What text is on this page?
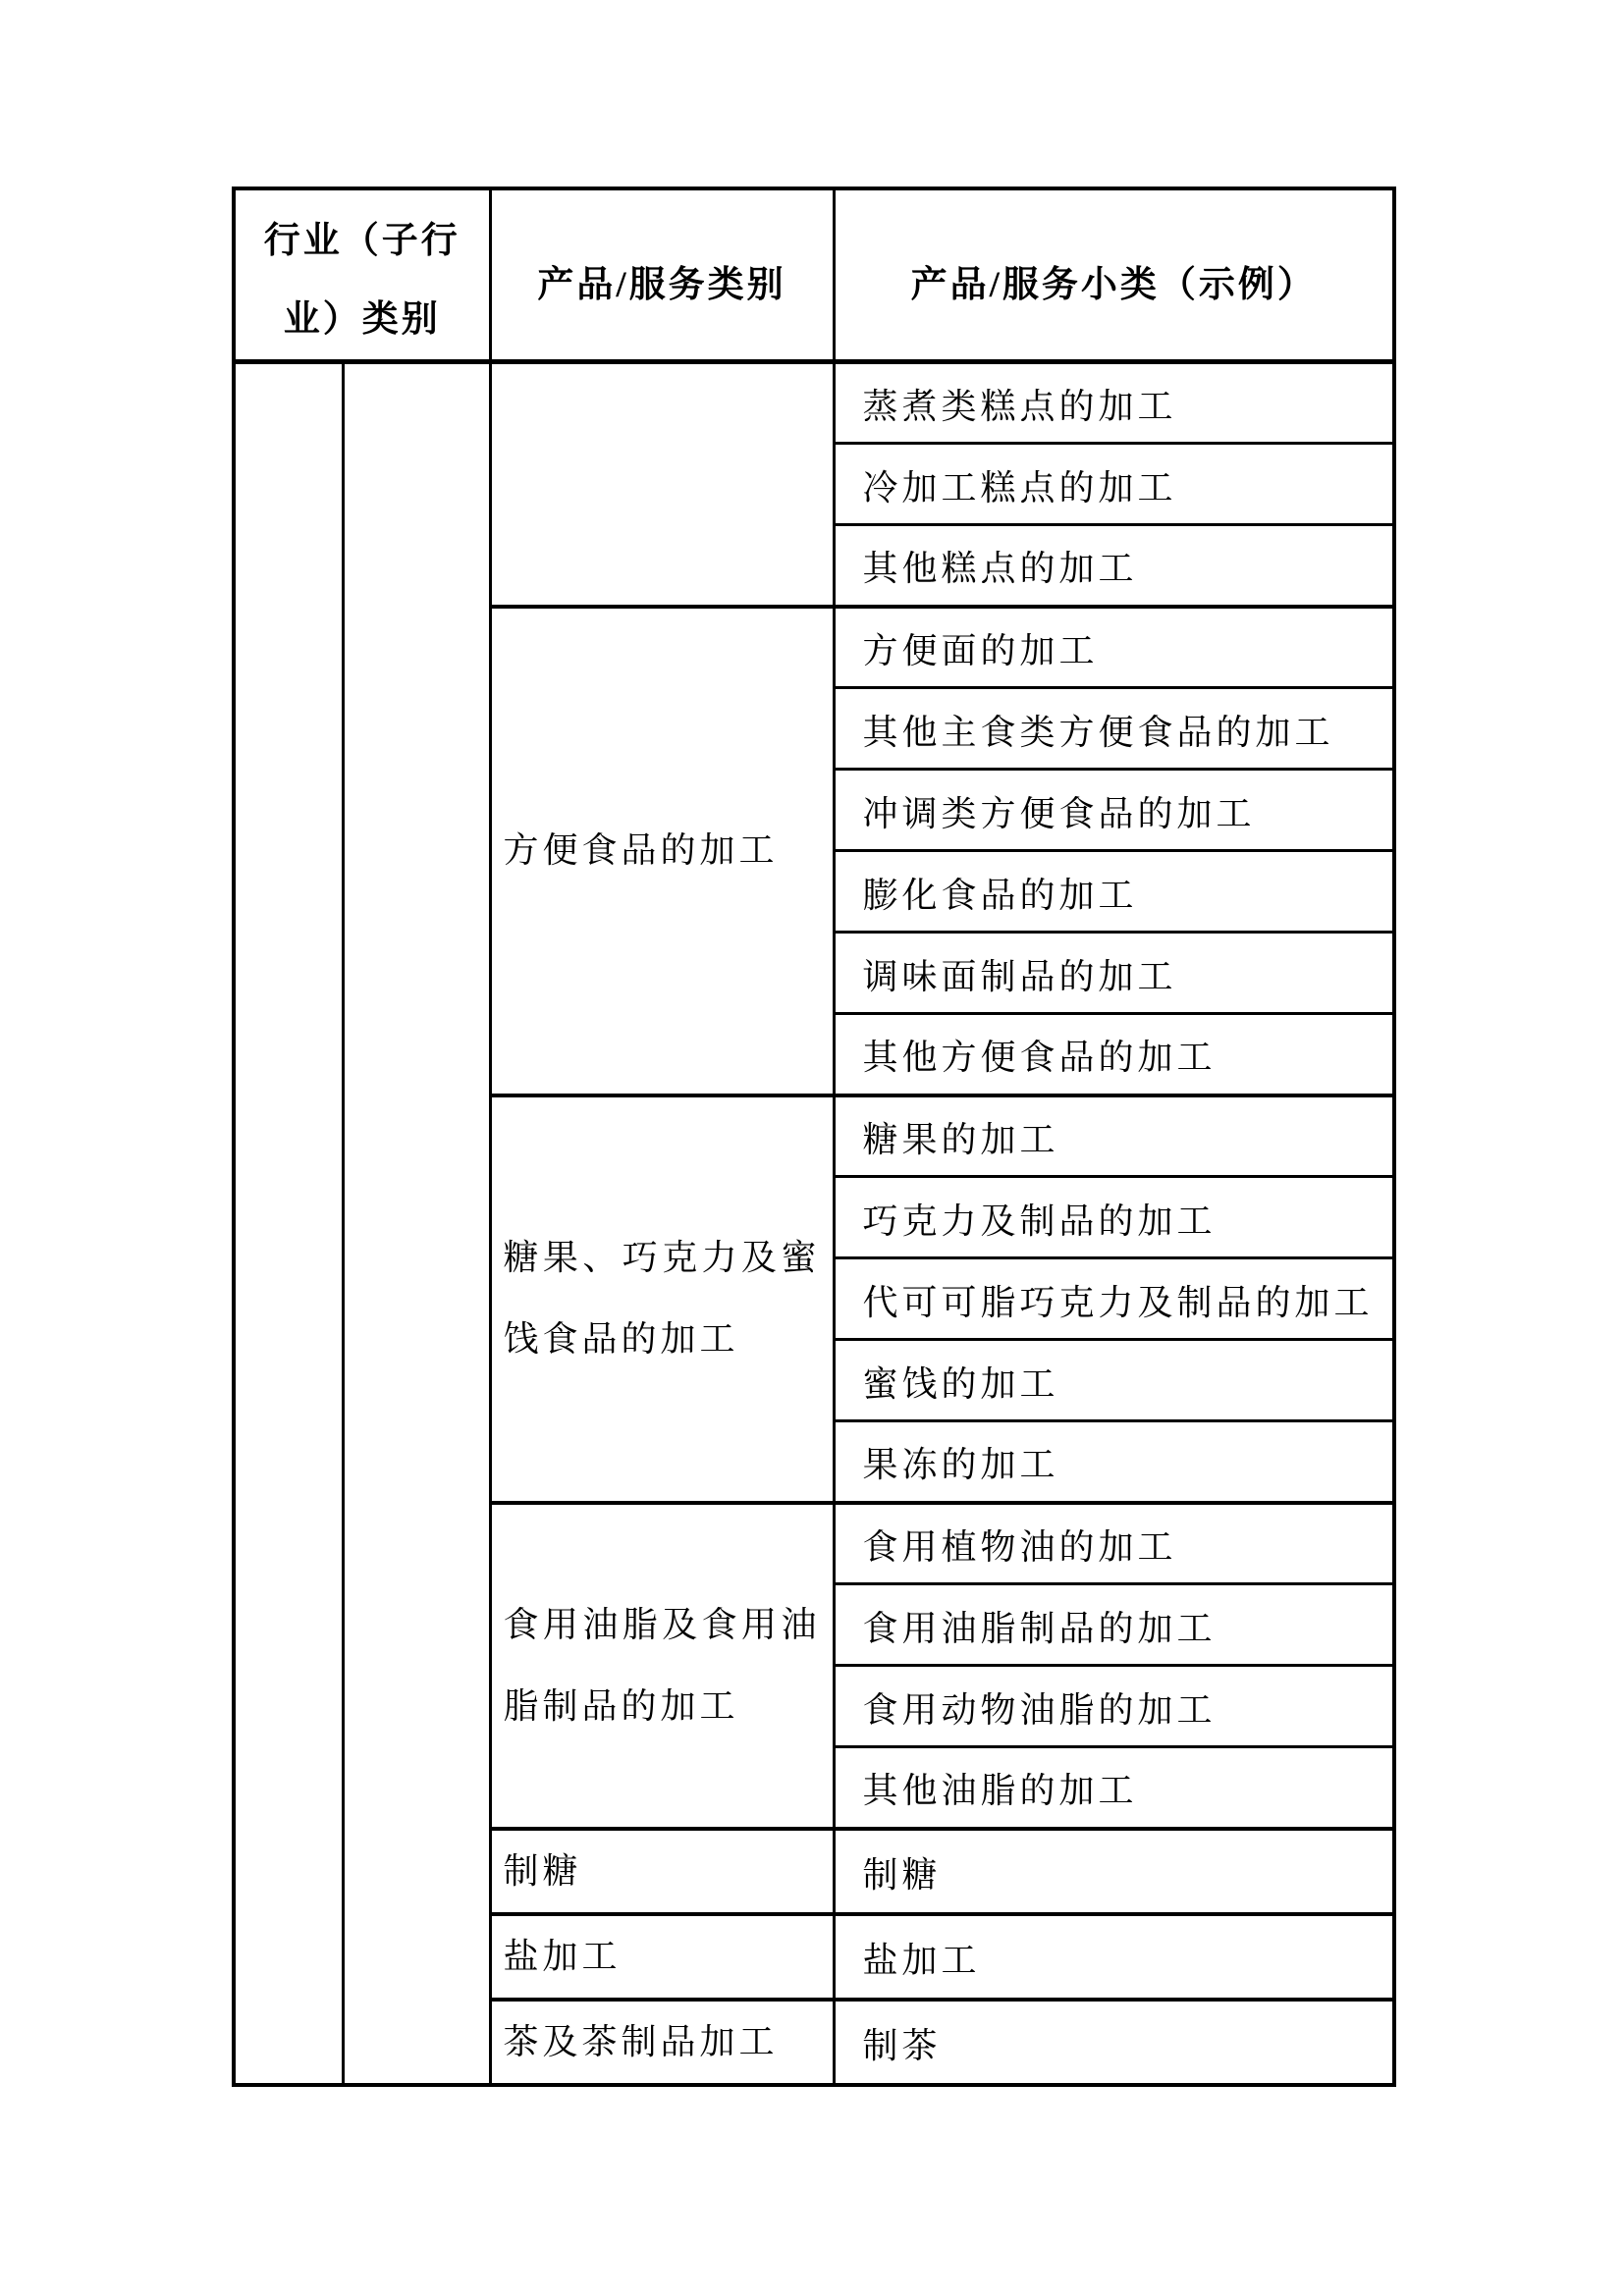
行业（子行
业）类别		产品/服务类别	产品/服务小类（示例）
			蒸煮类糕点的加工
			冷加工糕点的加工
			其他糕点的加工
		方便食品的加工	方便面的加工
			其他主食类方便食品的加工
			冲调类方便食品的加工
			膨化食品的加工
			调味面制品的加工
			其他方便食品的加工
		糖果、巧克力及蜜饯食品的加工	糖果的加工
			巧克力及制品的加工
			代可可脂巧克力及制品的加工
			蜜饯的加工
			果冻的加工
		食用油脂及食用油脂制品的加工	食用植物油的加工
			食用油脂制品的加工
			食用动物油脂的加工
			其他油脂的加工
		制糖	制糖
		盐加工	盐加工
		茶及茶制品加工	制茶
